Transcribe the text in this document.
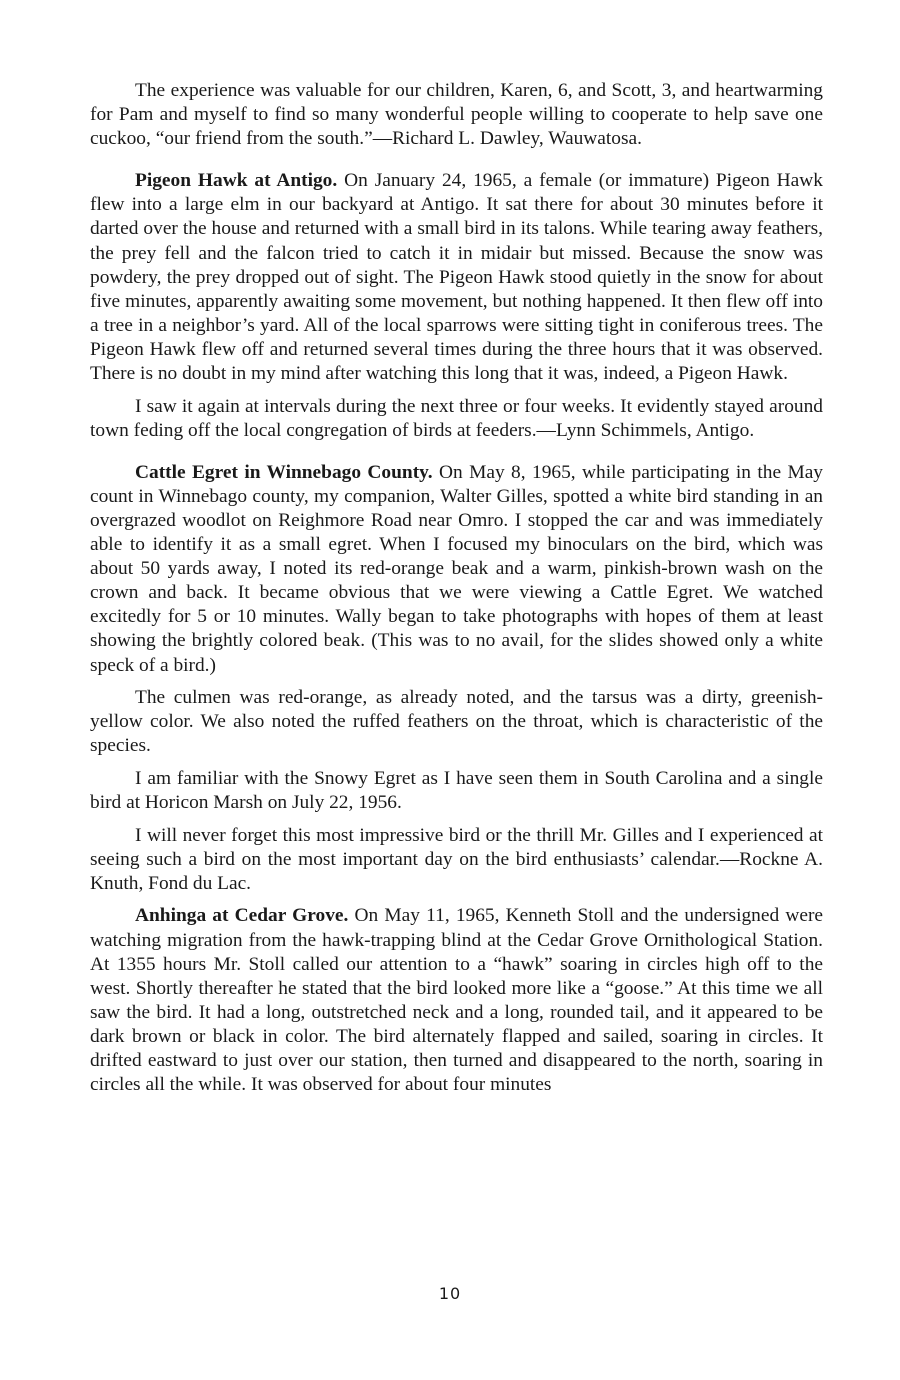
The experience was valuable for our children, Karen, 6, and Scott, 3, and heartwarming for Pam and myself to find so many wonderful people willing to cooperate to help save one cuckoo, “our friend from the south.”—Richard L. Dawley, Wauwatosa.

Pigeon Hawk at Antigo. On January 24, 1965, a female (or immature) Pigeon Hawk flew into a large elm in our backyard at Antigo. It sat there for about 30 minutes before it darted over the house and returned with a small bird in its talons. While tearing away feathers, the prey fell and the falcon tried to catch it in midair but missed. Because the snow was powdery, the prey dropped out of sight. The Pigeon Hawk stood quietly in the snow for about five minutes, apparently awaiting some movement, but nothing happened. It then flew off into a tree in a neighbor’s yard. All of the local sparrows were sitting tight in coniferous trees. The Pigeon Hawk flew off and returned several times during the three hours that it was observed. There is no doubt in my mind after watching this long that it was, indeed, a Pigeon Hawk.

I saw it again at intervals during the next three or four weeks. It evidently stayed around town feding off the local congregation of birds at feeders.—Lynn Schimmels, Antigo.

Cattle Egret in Winnebago County. On May 8, 1965, while participating in the May count in Winnebago county, my companion, Walter Gilles, spotted a white bird standing in an overgrazed woodlot on Reighmore Road near Omro. I stopped the car and was immediately able to identify it as a small egret. When I focused my binoculars on the bird, which was about 50 yards away, I noted its red-orange beak and a warm, pinkish-brown wash on the crown and back. It became obvious that we were viewing a Cattle Egret. We watched excitedly for 5 or 10 minutes. Wally began to take photographs with hopes of them at least showing the brightly colored beak. (This was to no avail, for the slides showed only a white speck of a bird.)

The culmen was red-orange, as already noted, and the tarsus was a dirty, greenish-yellow color. We also noted the ruffed feathers on the throat, which is characteristic of the species.

I am familiar with the Snowy Egret as I have seen them in South Carolina and a single bird at Horicon Marsh on July 22, 1956.

I will never forget this most impressive bird or the thrill Mr. Gilles and I experienced at seeing such a bird on the most important day on the bird enthusiasts’ calendar.—Rockne A. Knuth, Fond du Lac.

Anhinga at Cedar Grove. On May 11, 1965, Kenneth Stoll and the undersigned were watching migration from the hawk-trapping blind at the Cedar Grove Ornithological Station. At 1355 hours Mr. Stoll called our attention to a “hawk” soaring in circles high off to the west. Shortly thereafter he stated that the bird looked more like a “goose.” At this time we all saw the bird. It had a long, outstretched neck and a long, rounded tail, and it appeared to be dark brown or black in color. The bird alternately flapped and sailed, soaring in circles. It drifted eastward to just over our station, then turned and disappeared to the north, soaring in circles all the while. It was observed for about four minutes

10
